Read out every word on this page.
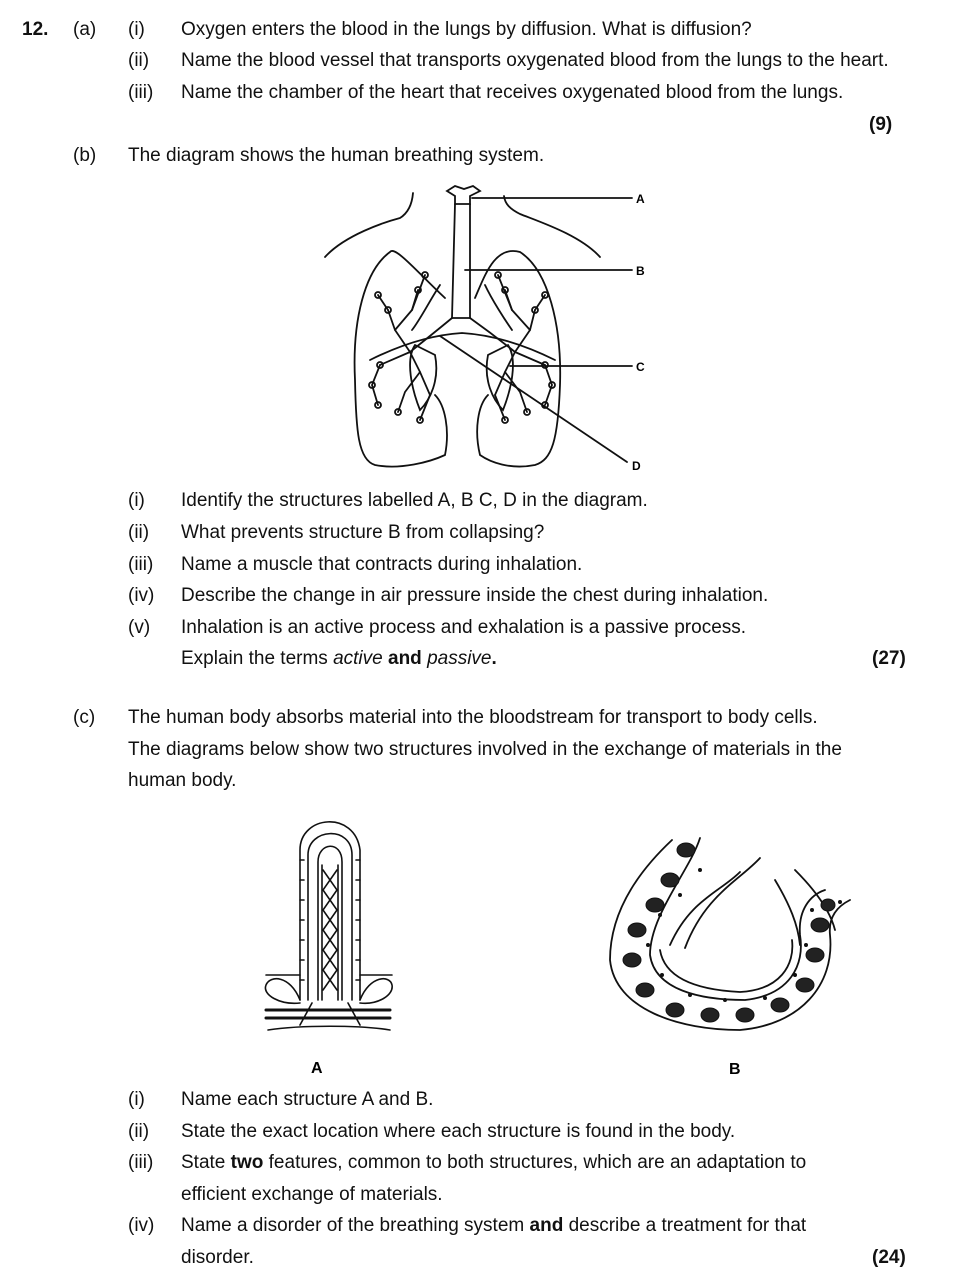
12. (a) (i) Oxygen enters the blood in the lungs by diffusion. What is diffusion?
(ii) Name the blood vessel that transports oxygenated blood from the lungs to the heart.
(iii) Name the chamber of the heart that receives oxygenated blood from the lungs.
(9)
(b) The diagram shows the human breathing system.
A
B
C
D
(i) Identify the structures labelled A, B C, D in the diagram.
(ii) What prevents structure B from collapsing?
(iii) Name a muscle that contracts during inhalation.
(iv) Describe the change in air pressure inside the chest during inhalation.
(v) Inhalation is an active process and exhalation is a passive process.
Explain the terms active and passive.	(27)
(c) The human body absorbs material into the bloodstream for transport to body cells.
The diagrams below show two structures involved in the exchange of materials in the
human body.
A	B
(i) Name each structure A and B.
(ii) State the exact location where each structure is found in the body.
(iii) State two features, common to both structures, which are an adaptation to
efficient exchange of materials.
(iv) Name a disorder of the breathing system and describe a treatment for that
disorder.	(24)
